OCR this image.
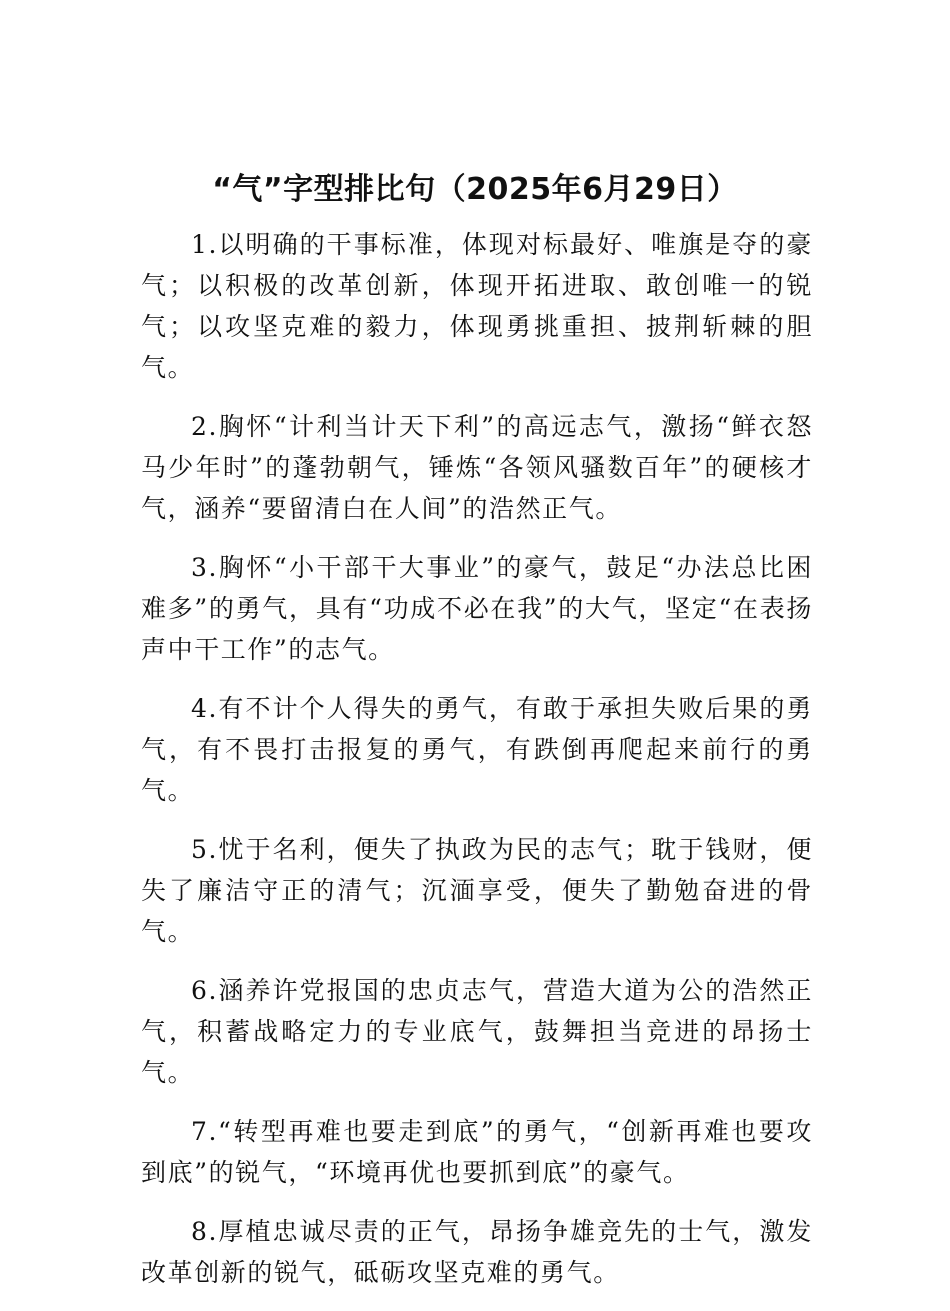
“气”字型排比句（2025年6月29日）

1.以明确的干事标准，体现对标最好、唯旗是夺的豪气；以积极的改革创新，体现开拓进取、敢创唯一的锐气；以攻坚克难的毅力，体现勇挑重担、披荆斩棘的胆气。

2.胸怀“计利当计天下利”的高远志气，激扬“鲜衣怒马少年时”的蓬勃朝气，锤炼“各领风骚数百年”的硬核才气，涵养“要留清白在人间”的浩然正气。

3.胸怀“小干部干大事业”的豪气，鼓足“办法总比困难多”的勇气，具有“功成不必在我”的大气，坚定“在表扬声中干工作”的志气。

4.有不计个人得失的勇气，有敢于承担失败后果的勇气，有不畏打击报复的勇气，有跌倒再爬起来前行的勇气。

5.忧于名利，便失了执政为民的志气；耽于钱财，便失了廉洁守正的清气；沉湎享受，便失了勤勉奋进的骨气。

6.涵养许党报国的忠贞志气，营造大道为公的浩然正气，积蓄战略定力的专业底气，鼓舞担当竞进的昂扬士气。

7.“转型再难也要走到底”的勇气，“创新再难也要攻到底”的锐气，“环境再优也要抓到底”的豪气。

8.厚植忠诚尽责的正气，昂扬争雄竞先的士气，激发改革创新的锐气，砥砺攻坚克难的勇气。
